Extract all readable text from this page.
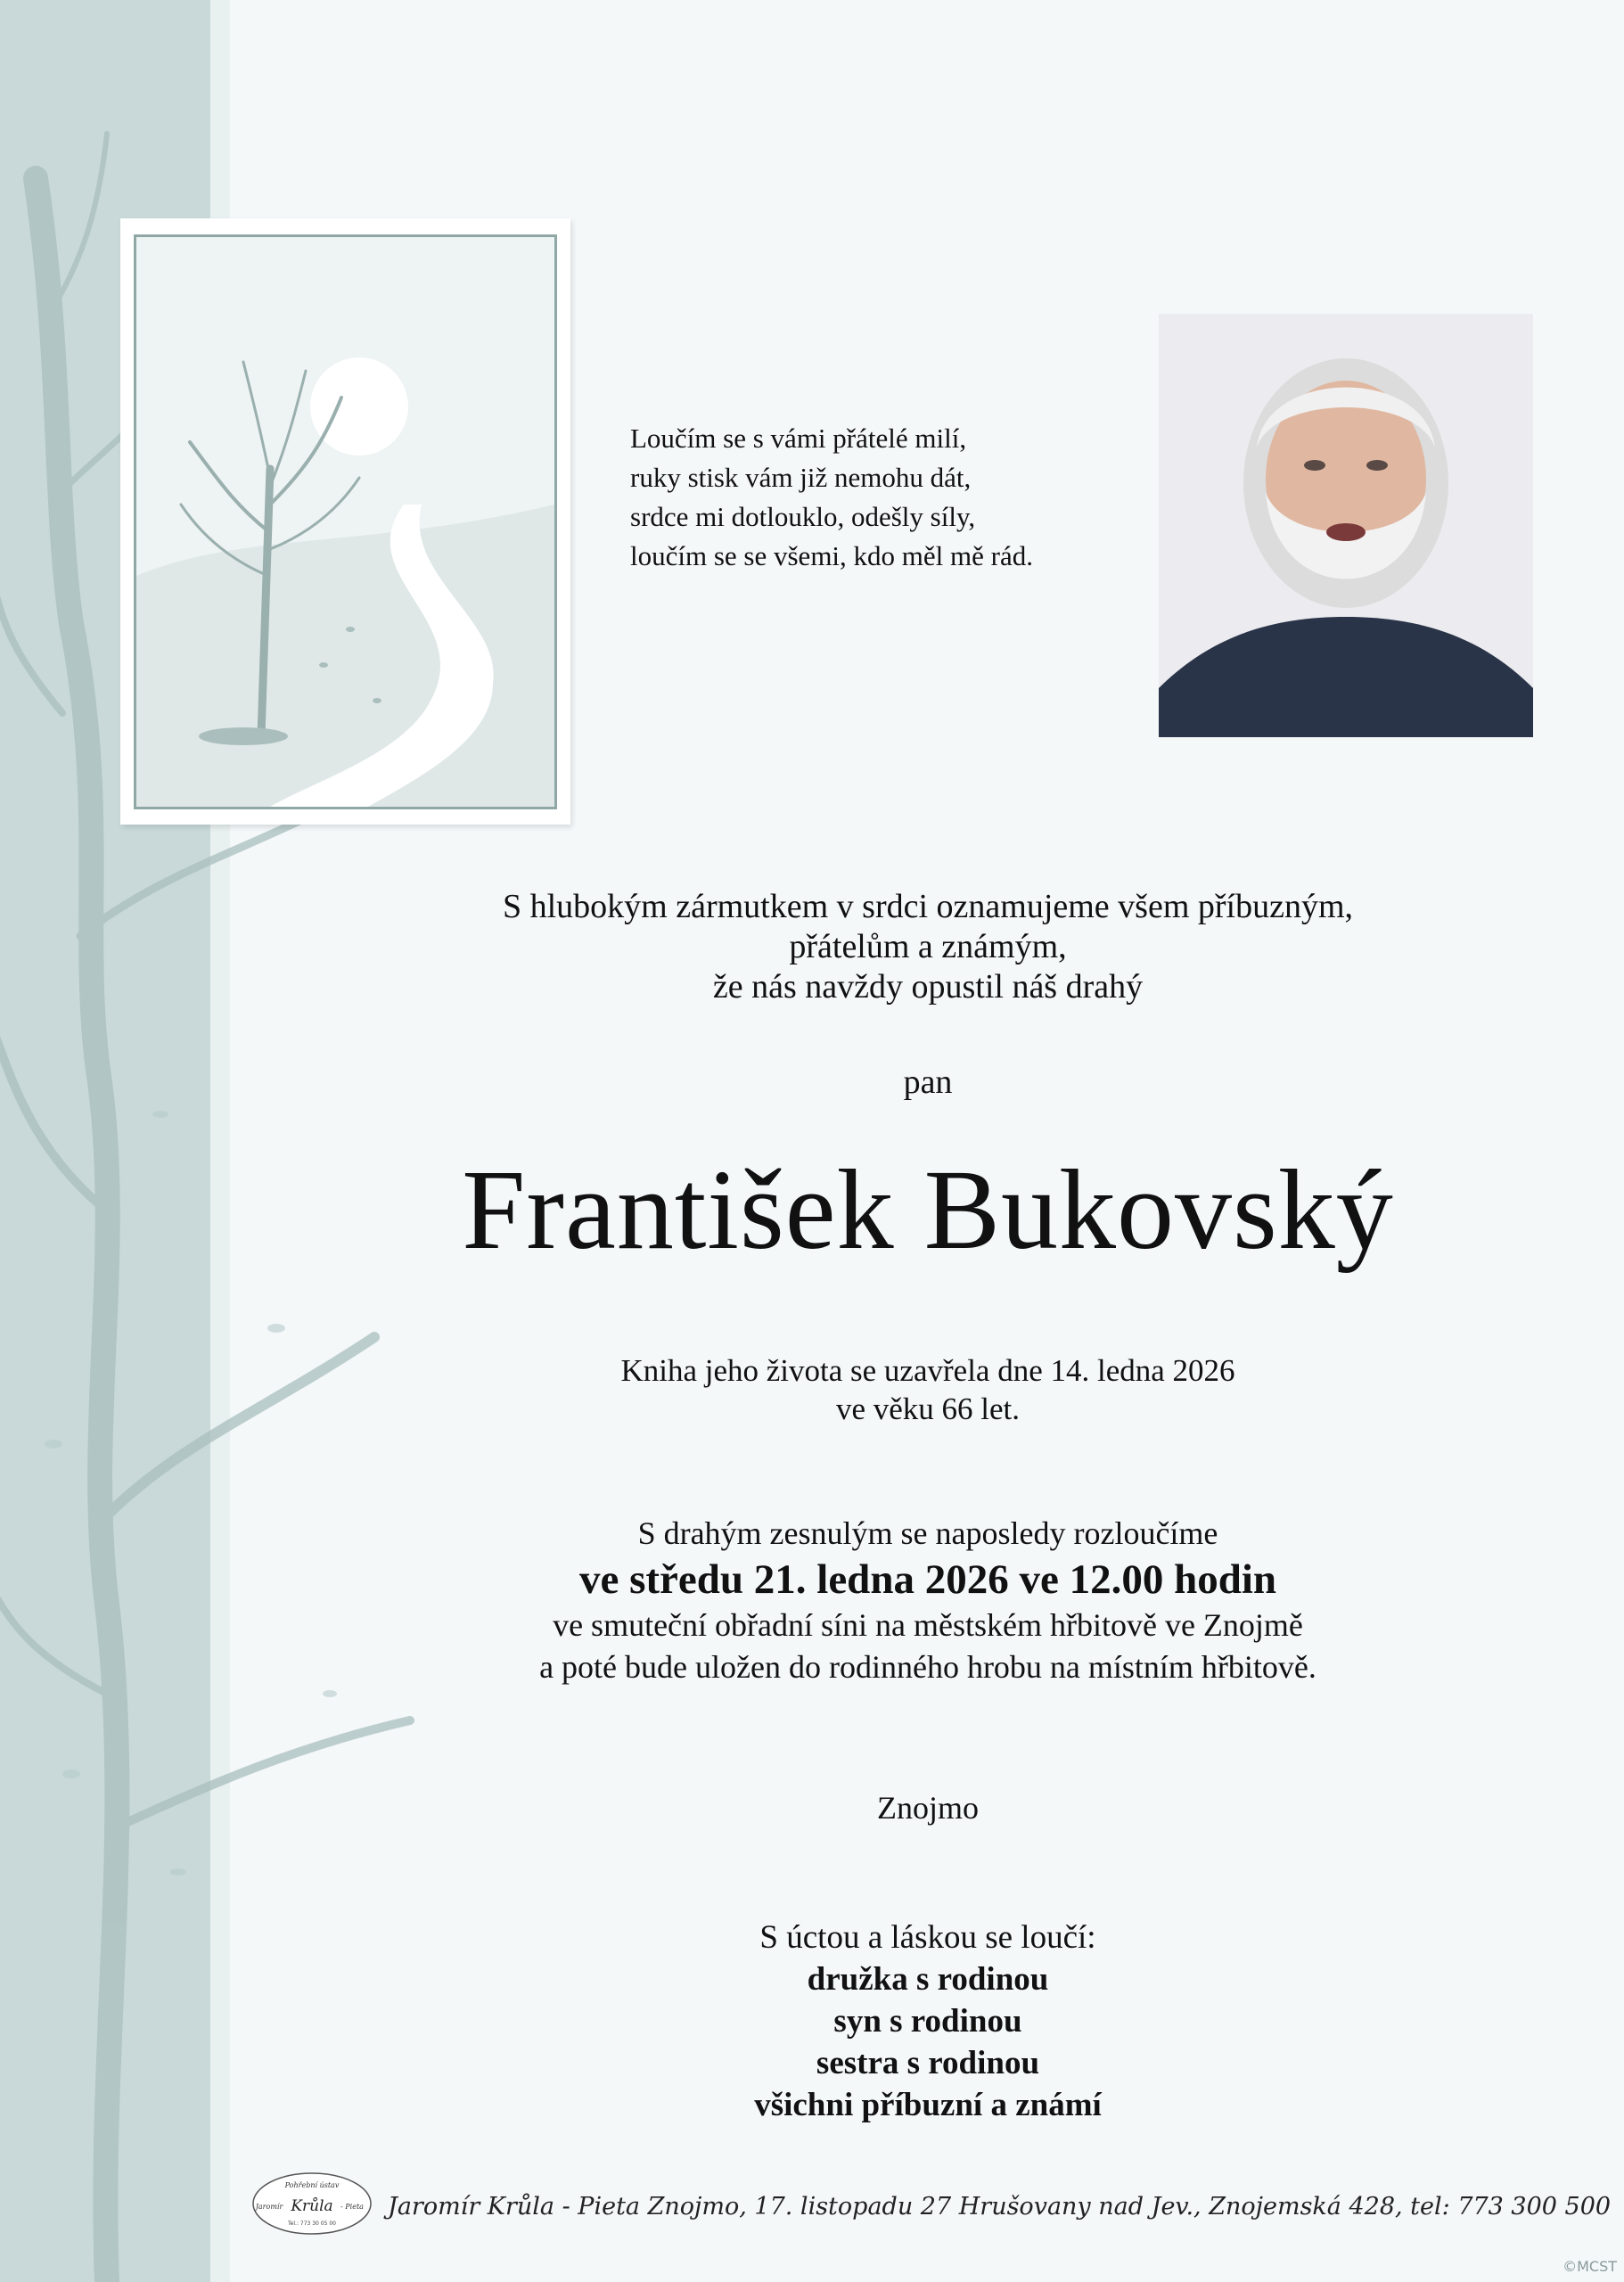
Loučím se s vámi přátelé milí,
ruky stisk vám již nemohu dát,
srdce mi dotlouklo, odešly síly,
loučím se se všemi, kdo měl mě rád.
S hlubokým zármutkem v srdci oznamujeme všem příbuzným,
přátelům a známým,
že nás navždy opustil náš drahý
pan
František Bukovský
Kniha jeho života se uzavřela dne 14. ledna 2026
ve věku 66 let.
S drahým zesnulým se naposledy rozloučíme
ve středu 21. ledna 2026 ve 12.00 hodin
ve smuteční obřadní síni na městském hřbitově ve Znojmě
a poté bude uložen do rodinného hrobu na místním hřbitově.
Znojmo
S úctou a láskou se loučí:
družka s rodinou
syn s rodinou
sestra s rodinou
všichni příbuzní a známí
Pohřební ústav
Jaromír Krůla - Pieta
Tel.: 773 30 05 00
Jaromír Krůla - Pieta Znojmo, 17. listopadu 27 Hrušovany nad Jev., Znojemská 428, tel: 773 300 500
©MCST
